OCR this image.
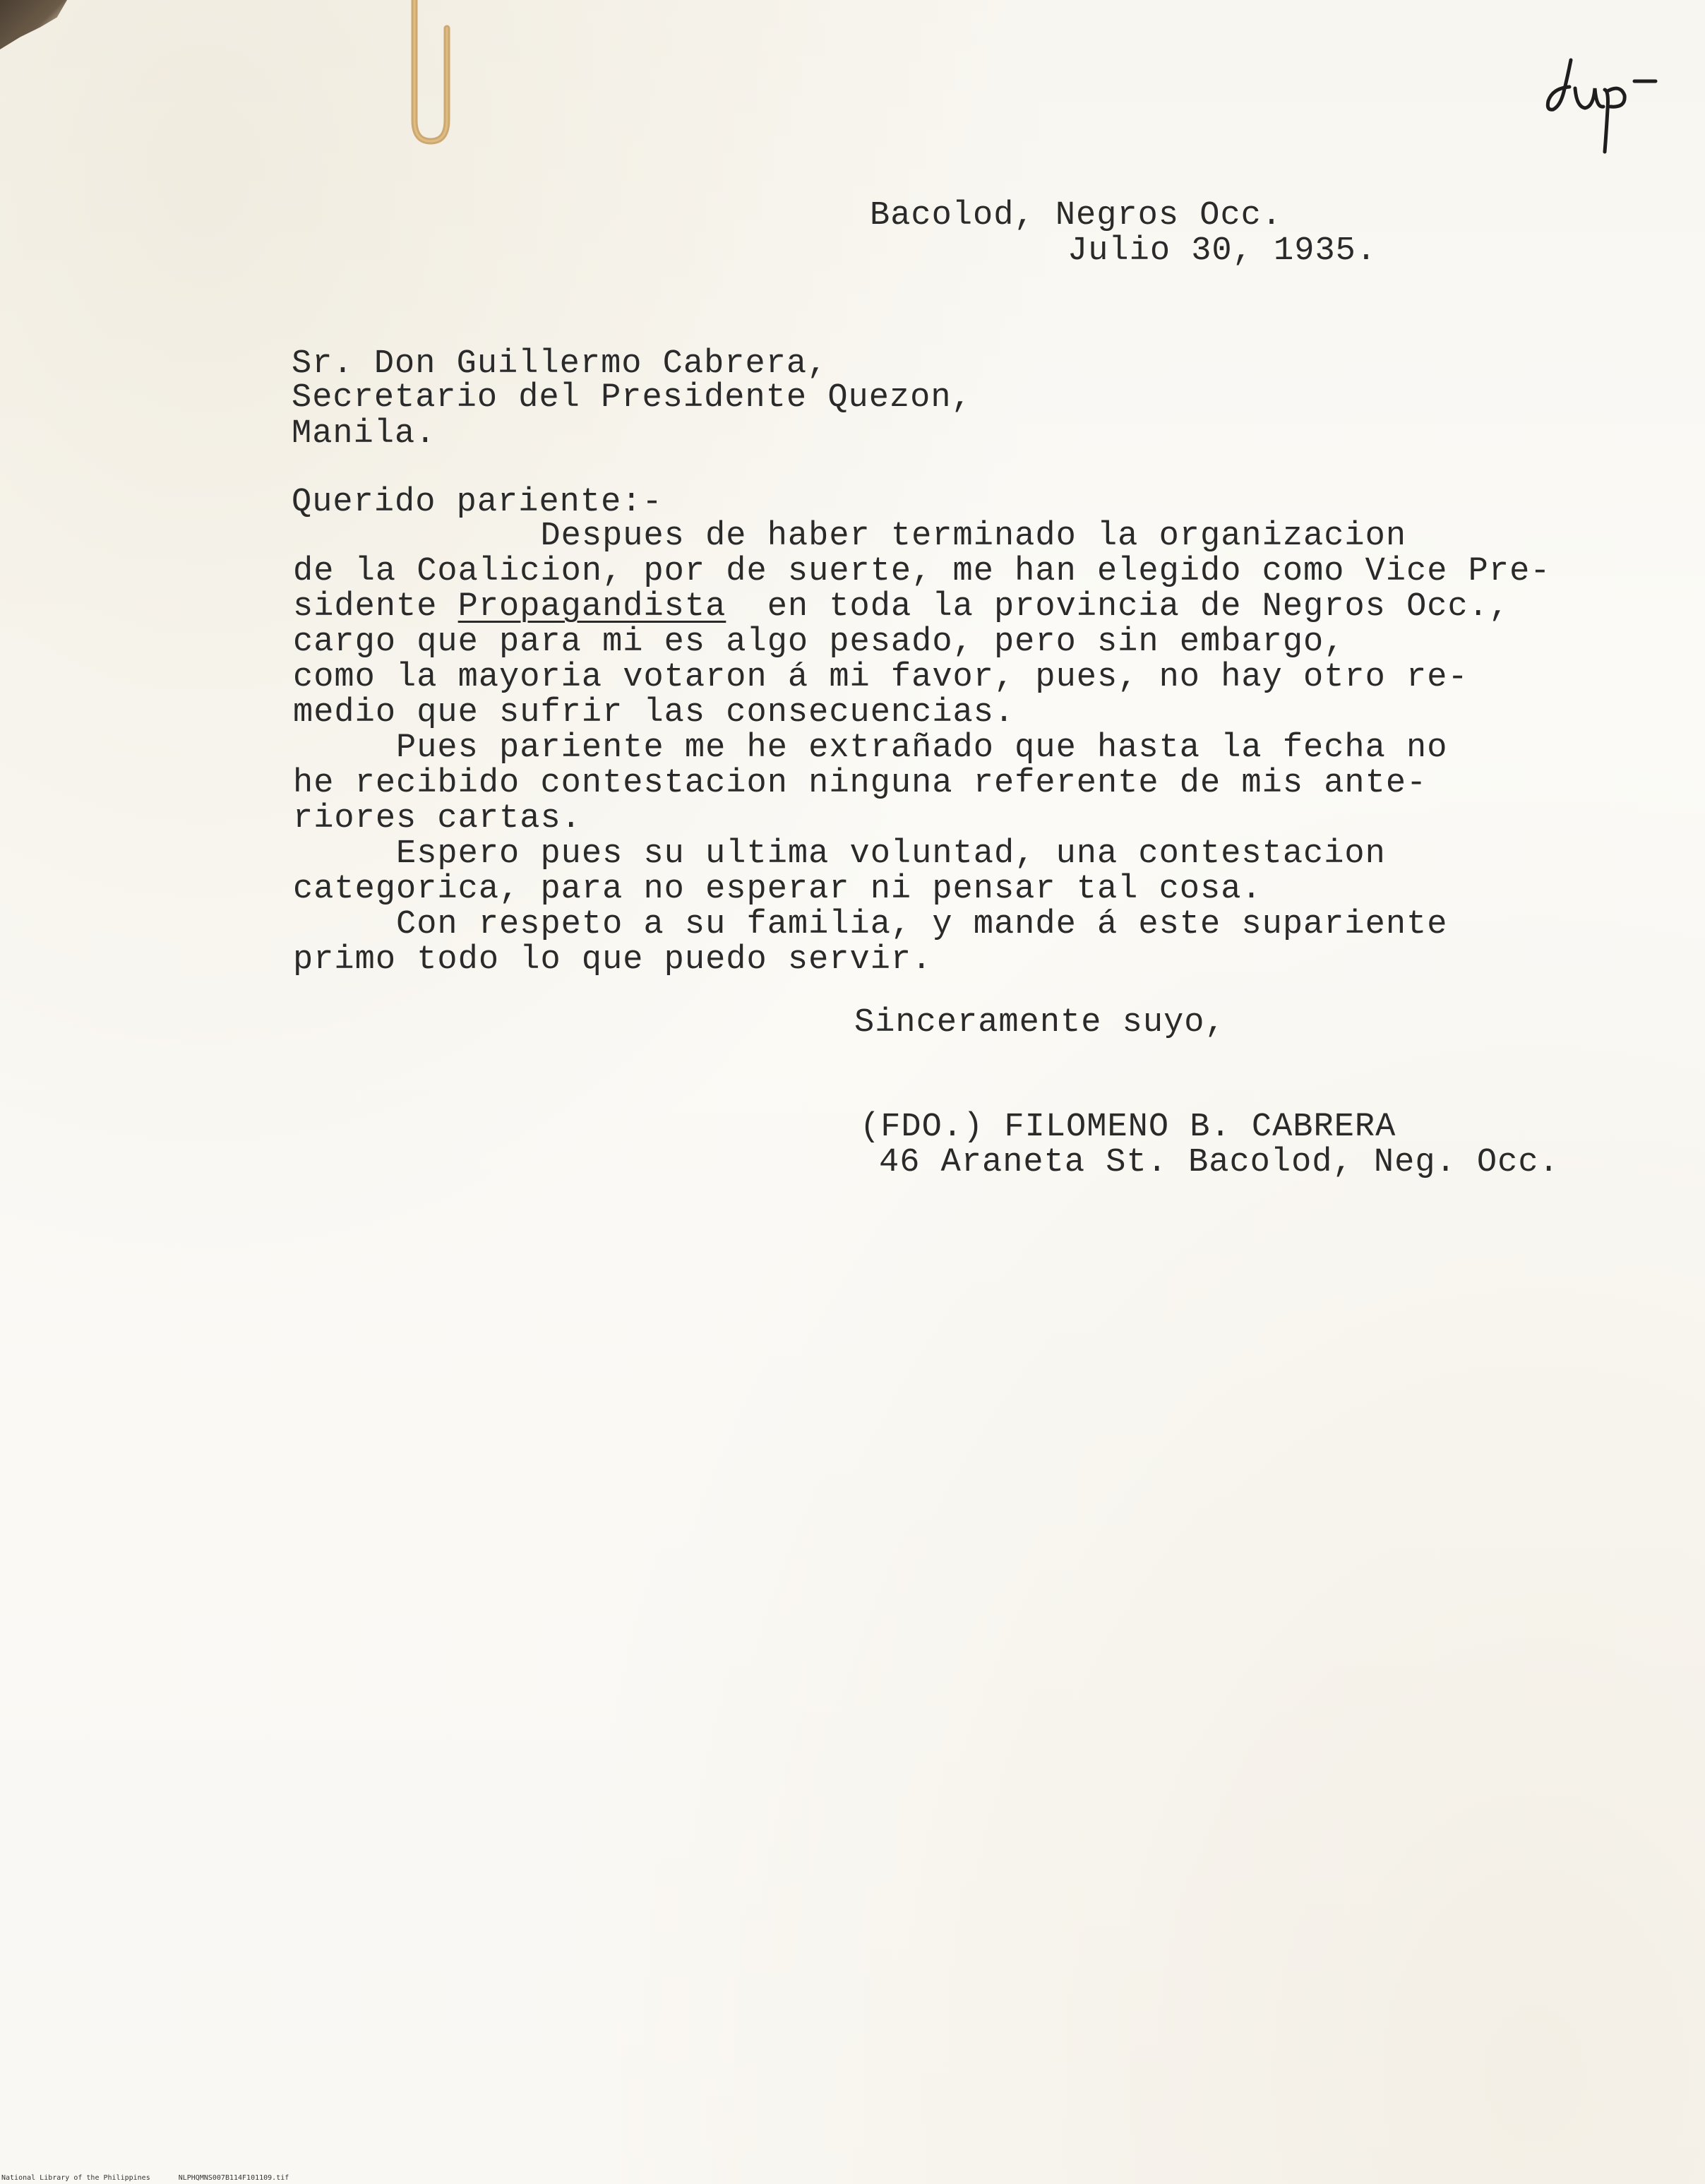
dup-
Bacolod, Negros Occ.
Julio 30, 1935.
Sr. Don Guillermo Cabrera,
Secretario del Presidente Quezon,
Manila.
Querido pariente:-
Despues de haber terminado la organizacion
de la Coalicion, por de suerte, me han elegido como Vice Pre-
sidente Propagandista  en toda la provincia de Negros Occ.,
cargo que para mi es algo pesado, pero sin embargo,
como la mayoria votaron á mi favor, pues, no hay otro re-
medio que sufrir las consecuencias.
Pues pariente me he extrañado que hasta la fecha no
he recibido contestacion ninguna referente de mis ante-
riores cartas.
Espero pues su ultima voluntad, una contestacion
categorica, para no esperar ni pensar tal cosa.
Con respeto a su familia, y mande á este supariente
primo todo lo que puedo servir.
Sinceramente suyo,
(FDO.) FILOMENO B. CABRERA
46 Araneta St. Bacolod, Neg. Occ.
National Library of the Philippines	NLPHQMNS007B114F101109.tif
